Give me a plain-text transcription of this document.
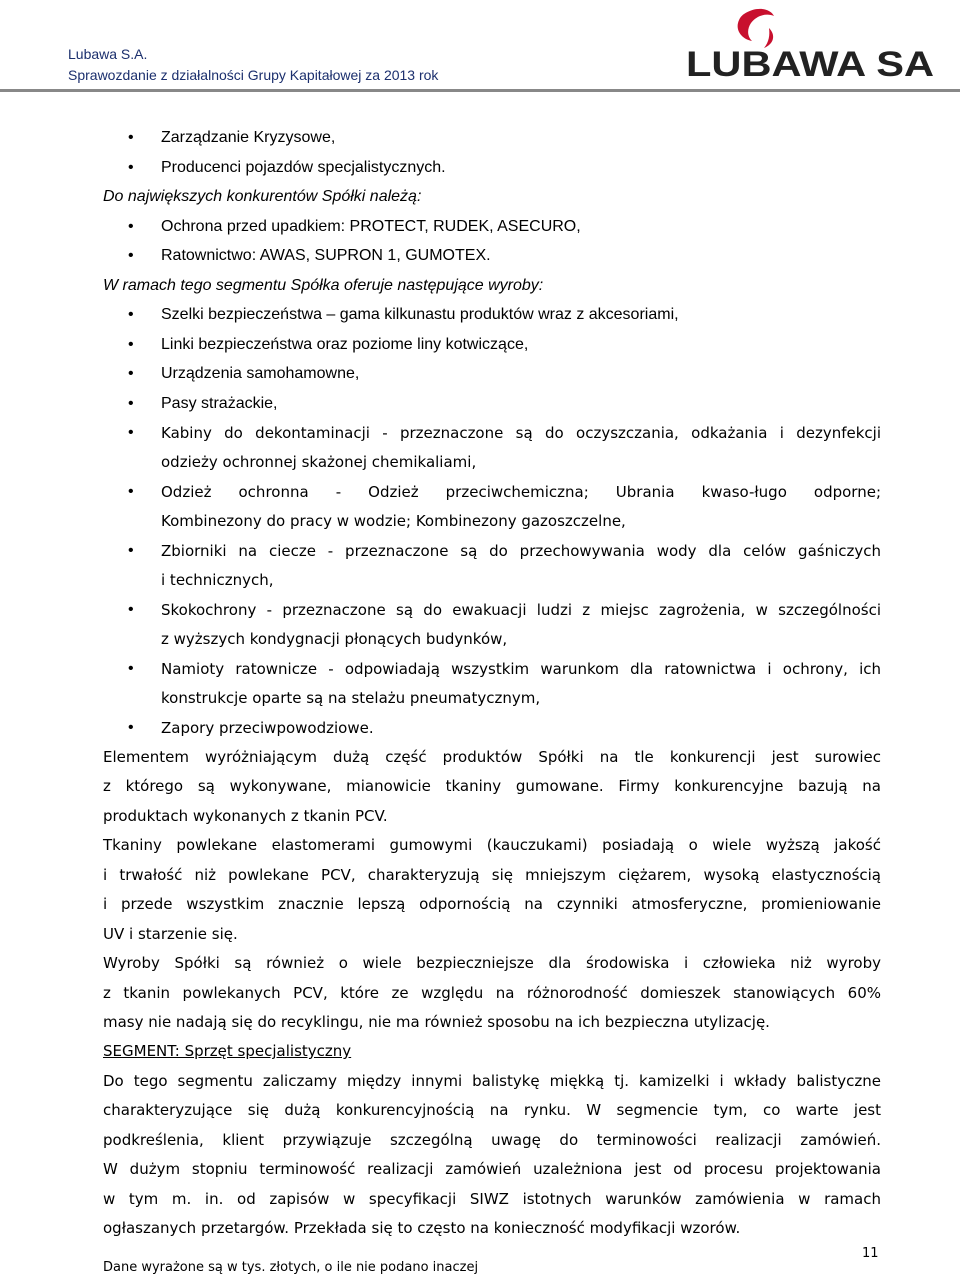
Lubawa S.A.
Sprawozdanie z działalności Grupy Kapitałowej za 2013 rok	LUBAWA SA
• Zarządzanie Kryzysowe,
• Producenci pojazdów specjalistycznych.
Do największych konkurentów Spółki należą:
• Ochrona przed upadkiem: PROTECT, RUDEK, ASECURO,
• Ratownictwo: AWAS, SUPRON 1, GUMOTEX.
W ramach tego segmentu Spółka oferuje następujące wyroby:
• Szelki bezpieczeństwa – gama kilkunastu produktów wraz z akcesoriami,
• Linki bezpieczeństwa oraz poziome liny kotwiczące,
• Urządzenia samohamowne,
• Pasy strażackie,
• Kabiny do dekontaminacji - przeznaczone są do oczyszczania, odkażania i dezynfekcji
odzieży ochronnej skażonej chemikaliami,
• Odzież ochronna - Odzież przeciwchemiczna; Ubrania kwaso-ługo odporne;
Kombinezony do pracy w wodzie; Kombinezony gazoszczelne,
• Zbiorniki na ciecze - przeznaczone są do przechowywania wody dla celów gaśniczych
i technicznych,
• Skokochrony - przeznaczone są do ewakuacji ludzi z miejsc zagrożenia, w szczególności
z wyższych kondygnacji płonących budynków,
• Namioty ratownicze - odpowiadają wszystkim warunkom dla ratownictwa i ochrony, ich
konstrukcje oparte są na stelażu pneumatycznym,
• Zapory przeciwpowodziowe.
Elementem wyróżniającym dużą część produktów Spółki na tle konkurencji jest surowiec
z którego są wykonywane, mianowicie tkaniny gumowane. Firmy konkurencyjne bazują na
produktach wykonanych z tkanin PCV.
Tkaniny powlekane elastomerami gumowymi (kauczukami) posiadają o wiele wyższą jakość
i trwałość niż powlekane PCV, charakteryzują się mniejszym ciężarem, wysoką elastycznością
i przede wszystkim znacznie lepszą odpornością na czynniki atmosferyczne, promieniowanie
UV i starzenie się.
Wyroby Spółki są również o wiele bezpieczniejsze dla środowiska i człowieka niż wyroby
z tkanin powlekanych PCV, które ze względu na różnorodność domieszek stanowiących 60%
masy nie nadają się do recyklingu, nie ma również sposobu na ich bezpieczna utylizację.
SEGMENT: Sprzęt specjalistyczny
Do tego segmentu zaliczamy między innymi balistykę miękką tj. kamizelki i wkłady balistyczne
charakteryzujące się dużą konkurencyjnością na rynku. W segmencie tym, co warte jest
podkreślenia, klient przywiązuje szczególną uwagę do terminowości realizacji zamówień.
W dużym stopniu terminowość realizacji zamówień uzależniona jest od procesu projektowania
w tym m. in. od zapisów w specyfikacji SIWZ istotnych warunków zamówienia w ramach
ogłaszanych przetargów. Przekłada się to często na konieczność modyfikacji wzorów.
11
Dane wyrażone są w tys. złotych, o ile nie podano inaczej
